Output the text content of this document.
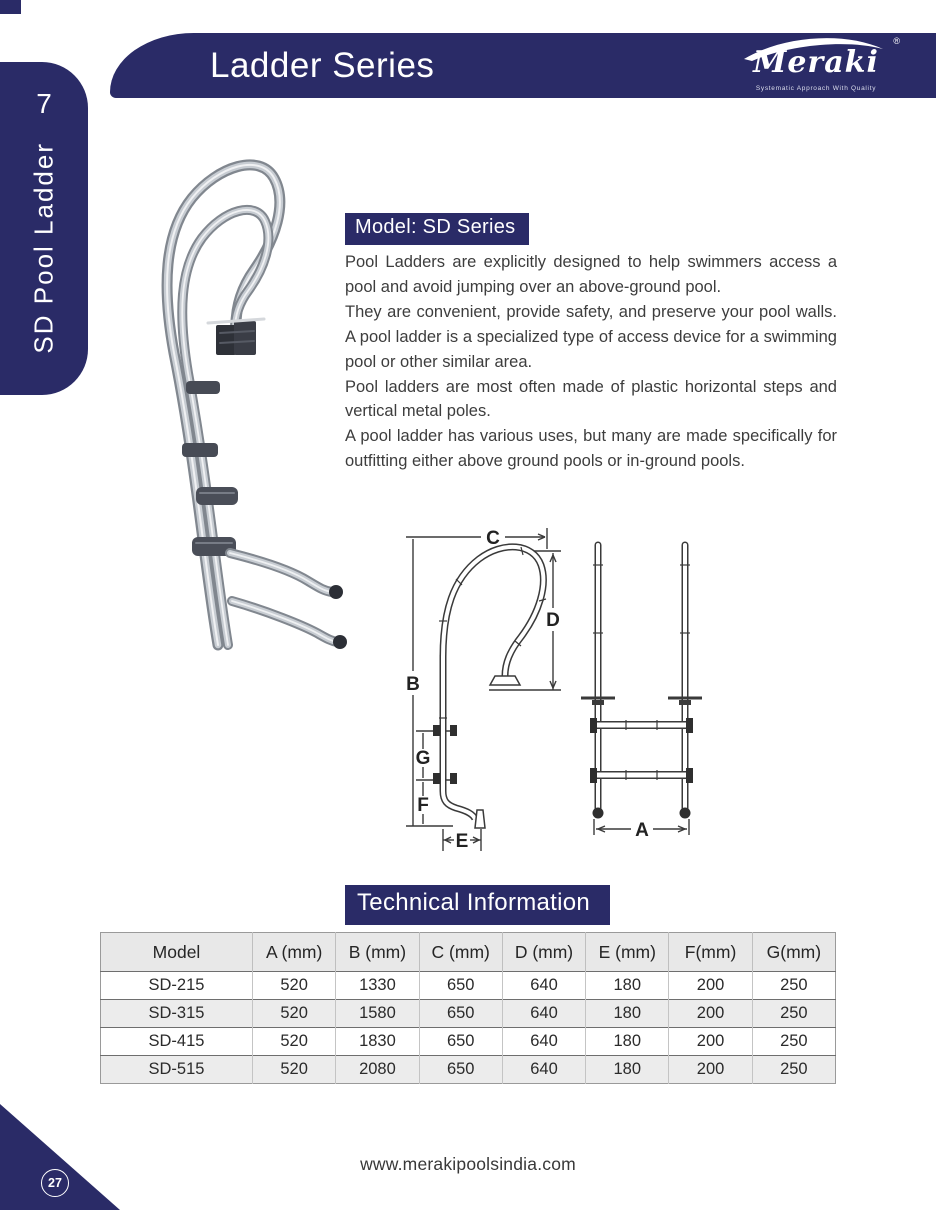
Ladder Series
®
Meraki
Systematic Approach With Quality
7
SD Pool Ladder	Model: SD Series

Pool Ladders are explicitly designed to help swimmers access a pool and avoid jumping over an above-ground pool.

They are convenient, provide safety, and preserve your pool walls. A pool ladder is a specialized type of access device for a swimming pool or other similar area.

Pool ladders are most often made of plastic horizontal steps and vertical metal poles.

A pool ladder has various uses, but many are made specifically for outfitting either above ground pools or in-ground pools.

A
B
C
D
E
F
G
Technical Information
Model	A (mm)	B (mm)	C (mm)	D (mm)	E (mm)	F(mm)	G(mm)
SD-215	520	1330	650	640	180	200	250
SD-315	520	1580	650	640	180	200	250
SD-415	520	1830	650	640	180	200	250
SD-515	520	2080	650	640	180	200	250
www.merakipoolsindia.com
27
